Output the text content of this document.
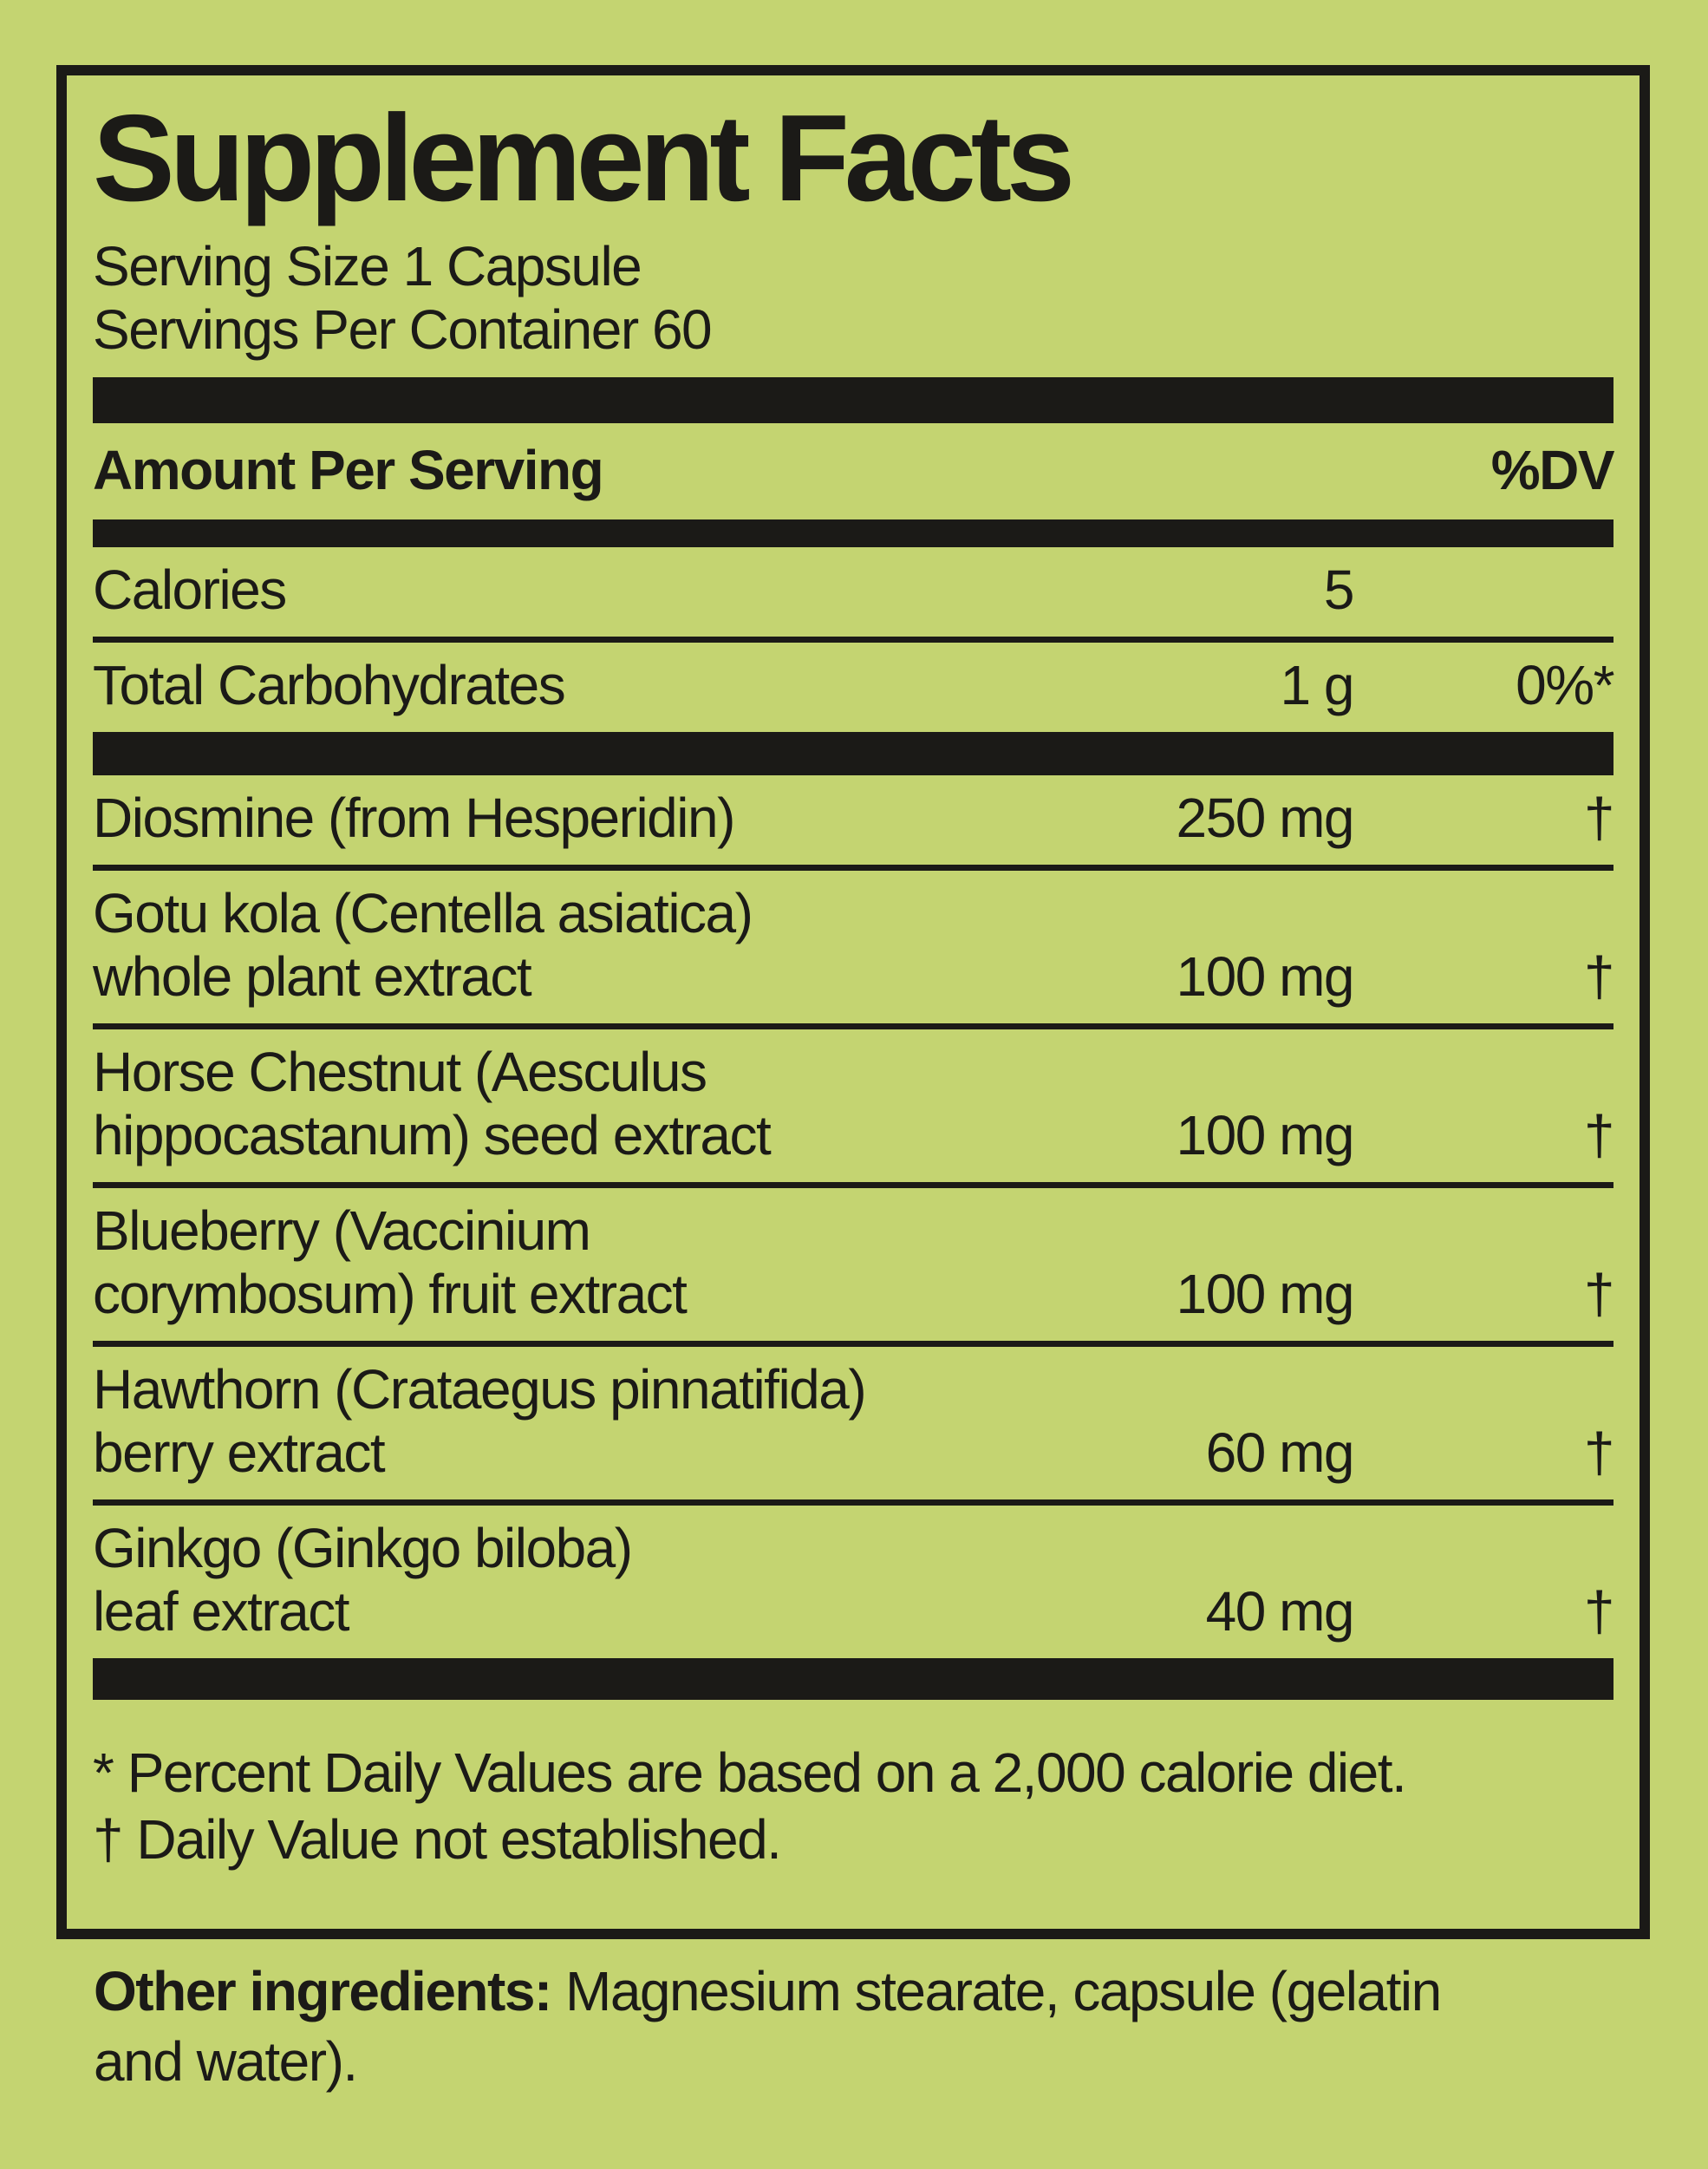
Supplement Facts
Serving Size 1 Capsule
Servings Per Container 60
Amount Per Serving	%DV
Calories	5
Total Carbohydrates	1 g	0%*
Diosmine (from Hesperidin)	250 mg	†
Gotu kola (Centella asiatica)
whole plant extract	100 mg	†
Horse Chestnut (Aesculus
hippocastanum) seed extract	100 mg	†
Blueberry (Vaccinium
corymbosum) fruit extract	100 mg	†
Hawthorn (Crataegus pinnatifida)
berry extract	60 mg	†
Ginkgo (Ginkgo biloba)
leaf extract	40 mg	†
* Percent Daily Values are based on a 2,000 calorie diet.
† Daily Value not established.
Other ingredients: Magnesium stearate, capsule (gelatin
and water).
